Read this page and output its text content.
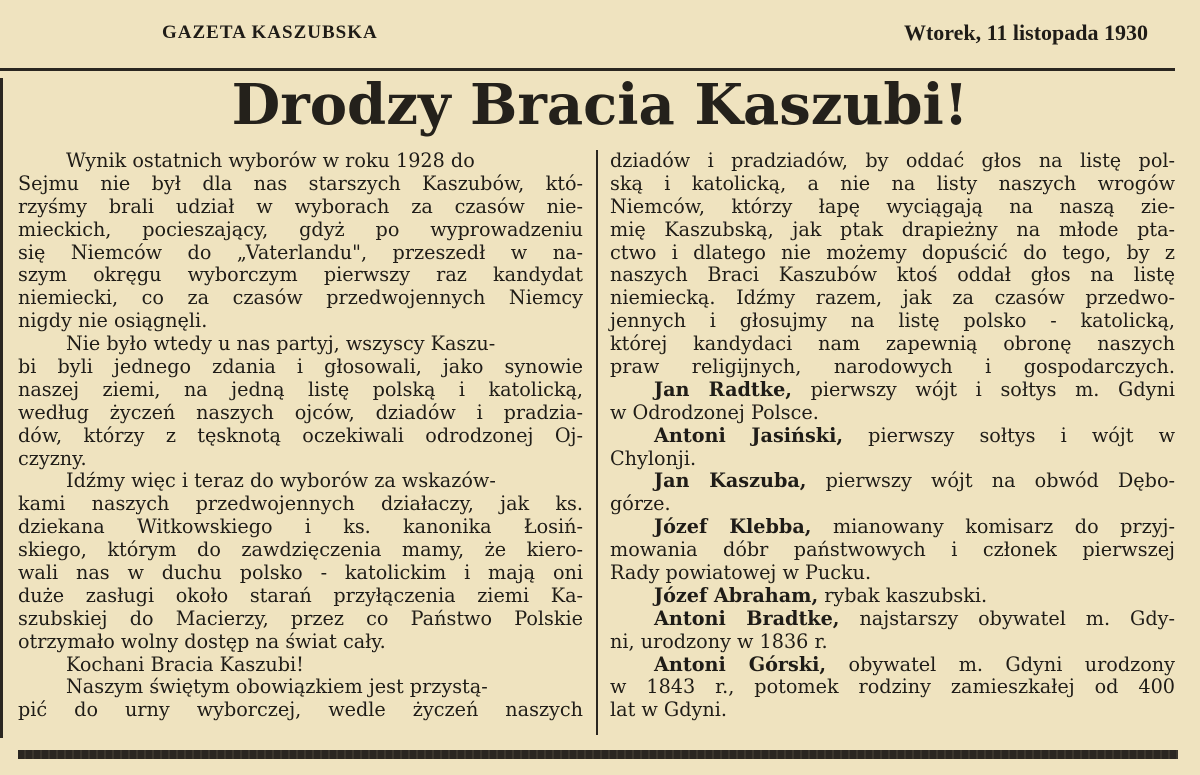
GAZETA KASZUBSKA	Wtorek, 11 listopada 1930
Drodzy Bracia Kaszubi!
Wynik ostatnich wyborów w roku 1928 do
Sejmu nie był dla nas starszych Kaszubów, któ-
rzyśmy brali udział w wyborach za czasów nie-
mieckich, pocieszający, gdyż po wyprowadzeniu
się Niemców do „Vaterlandu", przeszedł w na-
szym okręgu wyborczym pierwszy raz kandydat
niemiecki, co za czasów przedwojennych Niemcy
nigdy nie osiągnęli.
Nie było wtedy u nas partyj, wszyscy Kaszu-
bi byli jednego zdania i głosowali, jako synowie
naszej ziemi, na jedną listę polską i katolicką,
według życzeń naszych ojców, dziadów i pradzia-
dów, którzy z tęsknotą oczekiwali odrodzonej Oj-
czyzny.
Idźmy więc i teraz do wyborów za wskazów-
kami naszych przedwojennych działaczy, jak ks.
dziekana Witkowskiego i ks. kanonika Łosiń-
skiego, którym do zawdzięczenia mamy, że kiero-
wali nas w duchu polsko - katolickim i mają oni
duże zasługi około starań przyłączenia ziemi Ka-
szubskiej do Macierzy, przez co Państwo Polskie
otrzymało wolny dostęp na świat cały.
Kochani Bracia Kaszubi!
Naszym świętym obowiązkiem jest przystą-
pić do urny wyborczej, wedle życzeń naszych
dziadów i pradziadów, by oddać głos na listę pol-
ską i katolicką, a nie na listy naszych wrogów
Niemców, którzy łapę wyciągają na naszą zie-
mię Kaszubską, jak ptak drapieżny na młode pta-
ctwo i dlatego nie możemy dopuścić do tego, by z
naszych Braci Kaszubów ktoś oddał głos na listę
niemiecką. Idźmy razem, jak za czasów przedwo-
jennych i głosujmy na listę polsko - katolicką,
której kandydaci nam zapewnią obronę naszych
praw religijnych, narodowych i gospodarczych.
Jan Radtke, pierwszy wójt i sołtys m. Gdyni
w Odrodzonej Polsce.
Antoni Jasiński, pierwszy sołtys i wójt w
Chylonji.
Jan Kaszuba, pierwszy wójt na obwód Dębo-
górze.
Józef Klebba, mianowany komisarz do przyj-
mowania dóbr państwowych i członek pierwszej
Rady powiatowej w Pucku.
Józef Abraham, rybak kaszubski.
Antoni Bradtke, najstarszy obywatel m. Gdy-
ni, urodzony w 1836 r.
Antoni Górski, obywatel m. Gdyni urodzony
w 1843 r., potomek rodziny zamieszkałej od 400
lat w Gdyni.
